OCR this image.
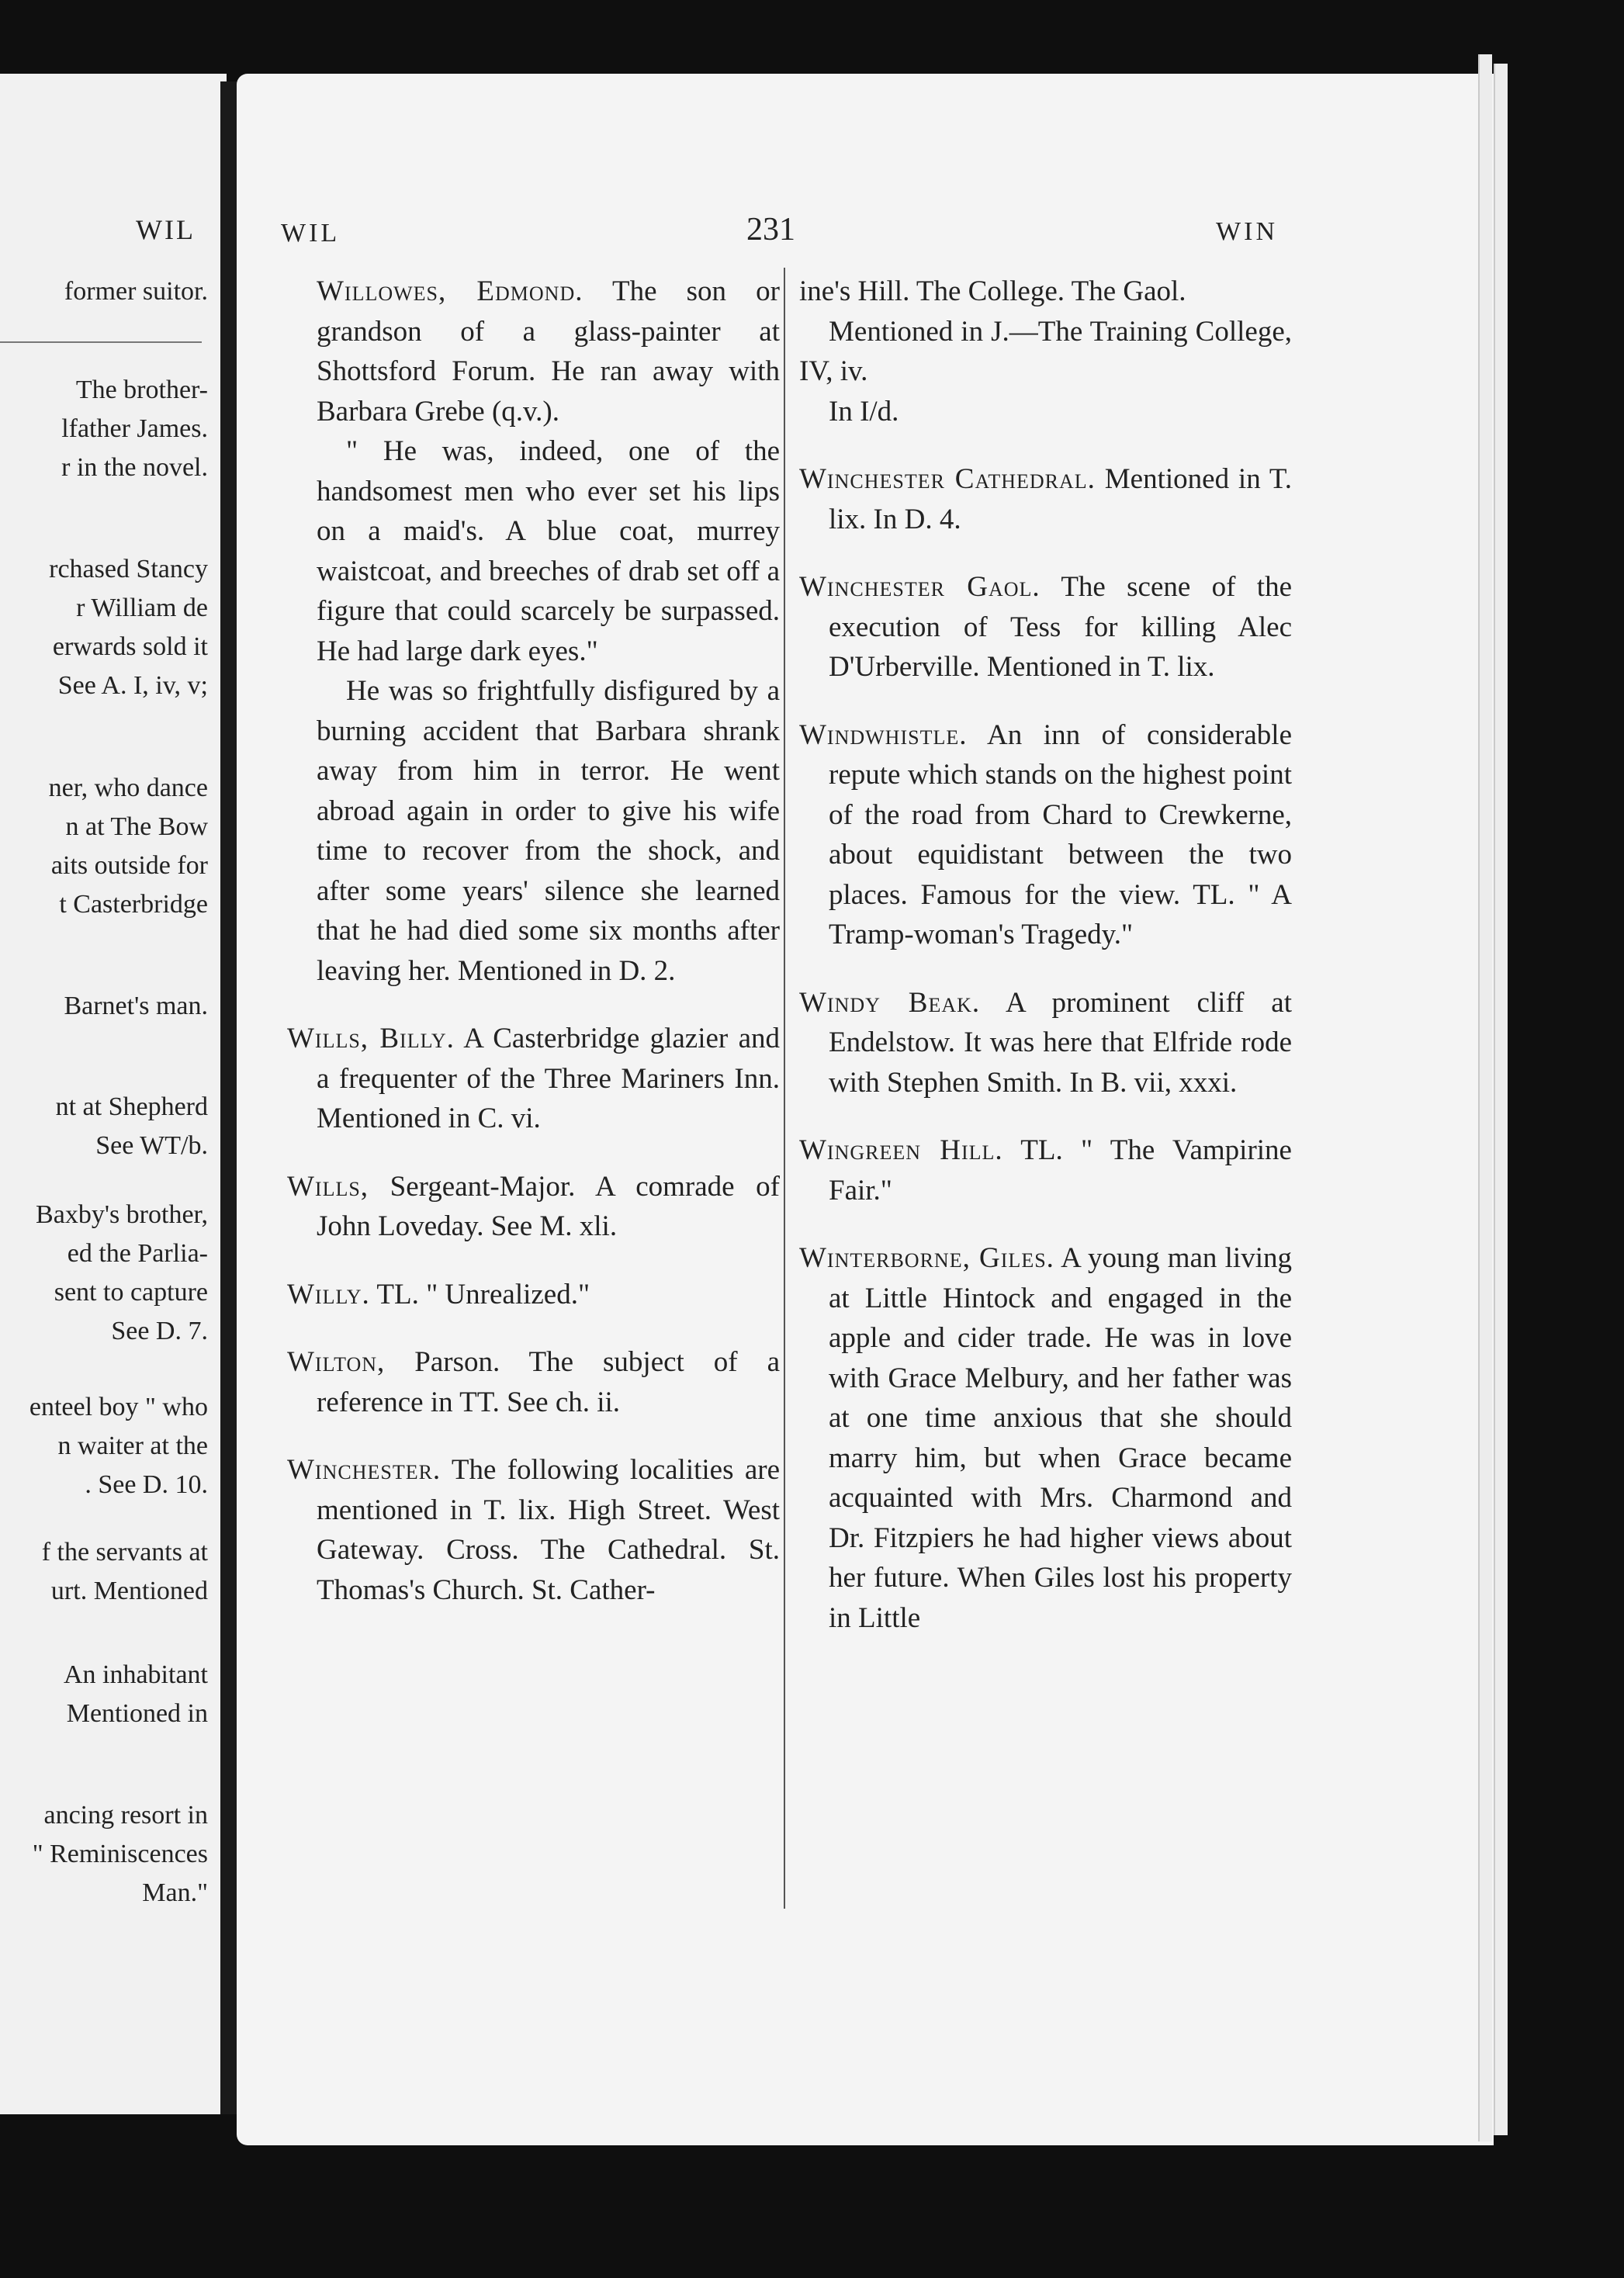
WIL
former suitor.
The brother-
lfather James.
r in the novel.
rchased Stancy
r William de
erwards sold it
See A. I, iv, v;
ner, who dance
n at The Bow
aits outside for
t Casterbridge
Barnet's man.
nt at Shepherd
See WT/b.
Baxby's brother,
ed the Parlia-
sent to capture
See D. 7.
enteel boy " who
n waiter at the
. See D. 10.
f the servants at
urt. Mentioned
An inhabitant
Mentioned in
ancing resort in
" Reminiscences
Man."
WIL	231	WIN

Willowes, Edmond. The son or grandson of a glass-painter at Shottsford Forum. He ran away with Barbara Grebe (q.v.).

" He was, indeed, one of the handsomest men who ever set his lips on a maid's. A blue coat, murrey waistcoat, and breeches of drab set off a figure that could scarcely be surpassed. He had large dark eyes."

He was so frightfully disfigured by a burning accident that Barbara shrank away from him in terror. He went abroad again in order to give his wife time to recover from the shock, and after some years' silence she learned that he had died some six months after leaving her. Mentioned in D. 2.

Wills, Billy. A Casterbridge glazier and a frequenter of the Three Mariners Inn. Mentioned in C. vi.
Wills, Sergeant-Major. A comrade of John Loveday. See M. xli.
Willy. TL. " Unrealized."
Wilton, Parson. The subject of a reference in TT. See ch. ii.
Winchester. The following localities are mentioned in T. lix. High Street. West Gateway. Cross. The Cathedral. St. Thomas's Church. St. Cather-

ine's Hill. The College. The Gaol.

Mentioned in J.—The Training College, IV, iv.

In I/d.

Winchester Cathedral. Mentioned in T. lix. In D. 4.
Winchester Gaol. The scene of the execution of Tess for killing Alec D'Urberville. Mentioned in T. lix.
Windwhistle. An inn of considerable repute which stands on the highest point of the road from Chard to Crewkerne, about equidistant between the two places. Famous for the view. TL. " A Tramp-woman's Tragedy."
Windy Beak. A prominent cliff at Endelstow. It was here that Elfride rode with Stephen Smith. In B. vii, xxxi.
Wingreen Hill. TL. " The Vampirine Fair."
Winterborne, Giles. A young man living at Little Hintock and engaged in the apple and cider trade. He was in love with Grace Melbury, and her father was at one time anxious that she should marry him, but when Grace became acquainted with Mrs. Charmond and Dr. Fitzpiers he had higher views about her future. When Giles lost his property in Little
